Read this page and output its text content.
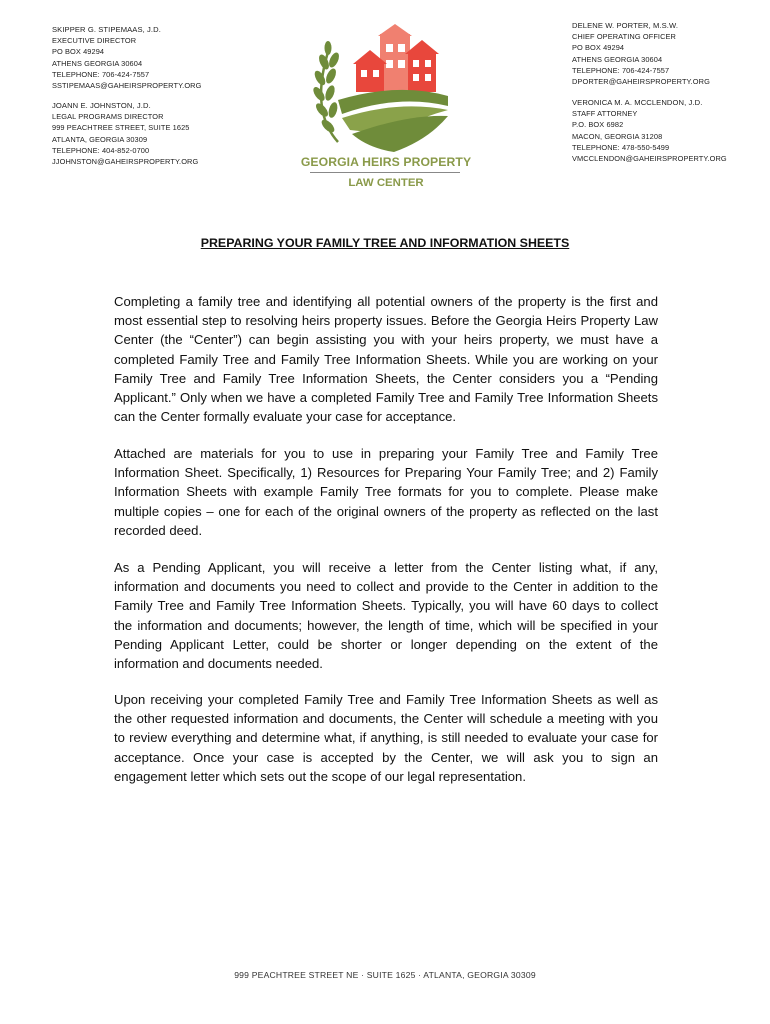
SKIPPER G. STIPEMAAS, J.D.
EXECUTIVE DIRECTOR
PO BOX 49294
ATHENS GEORGIA 30604
TELEPHONE: 706-424-7557
SSTIPEMAAS@GAHEIRSPROPERTY.ORG
JOANN E. JOHNSTON, J.D.
LEGAL PROGRAMS DIRECTOR
999 PEACHTREE STREET, SUITE 1625
ATLANTA, GEORGIA 30309
TELEPHONE: 404-852-0700
JJOHNSTON@GAHEIRSPROPERTY.ORG
DELENE W. PORTER, M.S.W.
CHIEF OPERATING OFFICER
PO BOX 49294
ATHENS GEORGIA 30604
TELEPHONE: 706-424-7557
DPORTER@GAHEIRSPROPERTY.ORG
VERONICA M. A. MCCLENDON, J.D.
STAFF ATTORNEY
P.O. BOX 6982
MACON, GEORGIA 31208
TELEPHONE: 478-550-5499
VMCCLENDON@GAHEIRSPROPERTY.ORG
GEORGIA HEIRS PROPERTY
LAW CENTER
PREPARING YOUR FAMILY TREE AND INFORMATION SHEETS

Completing a family tree and identifying all potential owners of the property is the first and most essential step to resolving heirs property issues. Before the Georgia Heirs Property Law Center (the “Center”) can begin assisting you with your heirs property, we must have a completed Family Tree and Family Tree Information Sheets. While you are working on your Family Tree and Family Tree Information Sheets, the Center considers you a “Pending Applicant.” Only when we have a completed Family Tree and Family Tree Information Sheets can the Center formally evaluate your case for acceptance.

Attached are materials for you to use in preparing your Family Tree and Family Tree Information Sheet. Specifically, 1) Resources for Preparing Your Family Tree; and 2) Family Information Sheets with example Family Tree formats for you to complete. Please make multiple copies – one for each of the original owners of the property as reflected on the last recorded deed.

As a Pending Applicant, you will receive a letter from the Center listing what, if any, information and documents you need to collect and provide to the Center in addition to the Family Tree and Family Tree Information Sheets. Typically, you will have 60 days to collect the information and documents; however, the length of time, which will be specified in your Pending Applicant Letter, could be shorter or longer depending on the extent of the information and documents needed.

Upon receiving your completed Family Tree and Family Tree Information Sheets as well as the other requested information and documents, the Center will schedule a meeting with you to review everything and determine what, if anything, is still needed to evaluate your case for acceptance. Once your case is accepted by the Center, we will ask you to sign an engagement letter which sets out the scope of our legal representation.

999 PEACHTREE STREET NE · SUITE 1625 · ATLANTA, GEORGIA 30309
